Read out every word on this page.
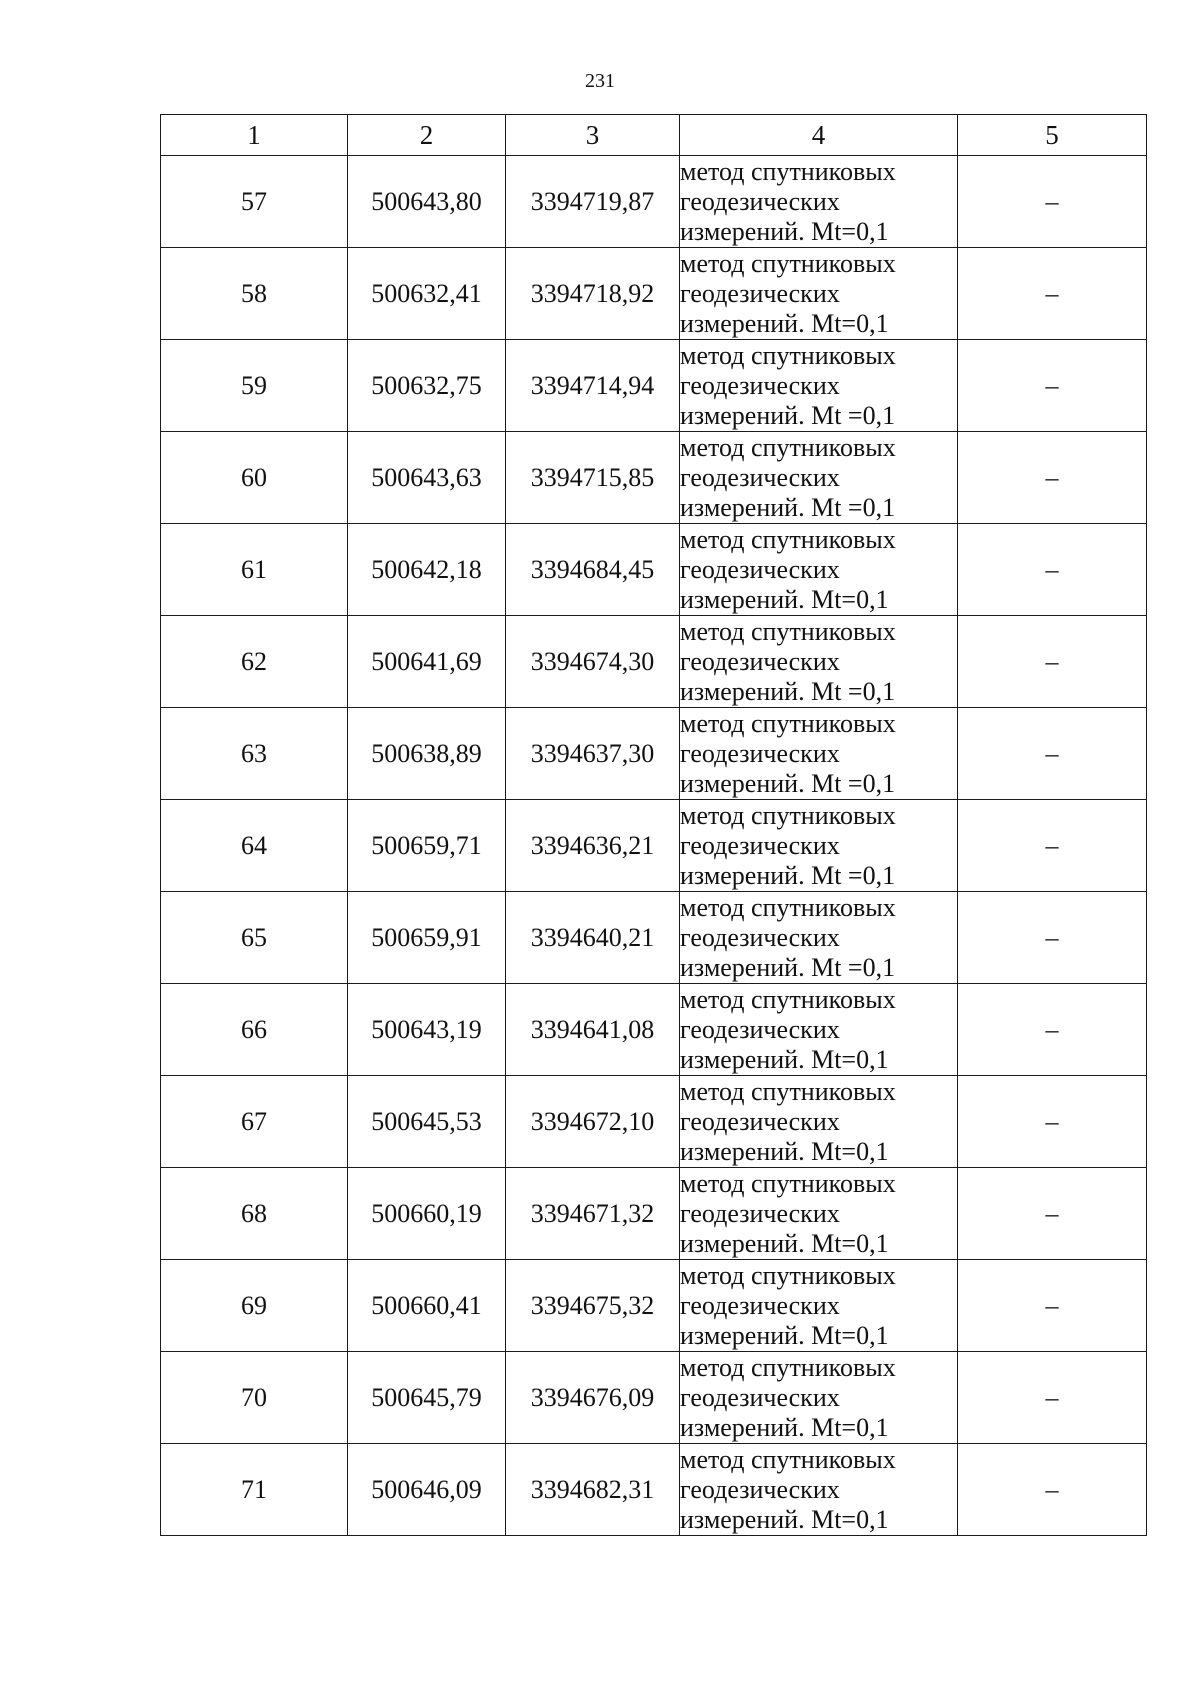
231
1	2	3	4	5
57	500643,80	3394719,87	метод спутниковых
геодезических
измерений. Mt=0,1	–
58	500632,41	3394718,92	метод спутниковых
геодезических
измерений. Mt=0,1	–
59	500632,75	3394714,94	метод спутниковых
геодезических
измерений. Mt =0,1	–
60	500643,63	3394715,85	метод спутниковых
геодезических
измерений. Mt =0,1	–
61	500642,18	3394684,45	метод спутниковых
геодезических
измерений. Mt=0,1	–
62	500641,69	3394674,30	метод спутниковых
геодезических
измерений. Mt =0,1	–
63	500638,89	3394637,30	метод спутниковых
геодезических
измерений. Mt =0,1	–
64	500659,71	3394636,21	метод спутниковых
геодезических
измерений. Mt =0,1	–
65	500659,91	3394640,21	метод спутниковых
геодезических
измерений. Mt =0,1	–
66	500643,19	3394641,08	метод спутниковых
геодезических
измерений. Mt=0,1	–
67	500645,53	3394672,10	метод спутниковых
геодезических
измерений. Mt=0,1	–
68	500660,19	3394671,32	метод спутниковых
геодезических
измерений. Mt=0,1	–
69	500660,41	3394675,32	метод спутниковых
геодезических
измерений. Mt=0,1	–
70	500645,79	3394676,09	метод спутниковых
геодезических
измерений. Mt=0,1	–
71	500646,09	3394682,31	метод спутниковых
геодезических
измерений. Mt=0,1	–
